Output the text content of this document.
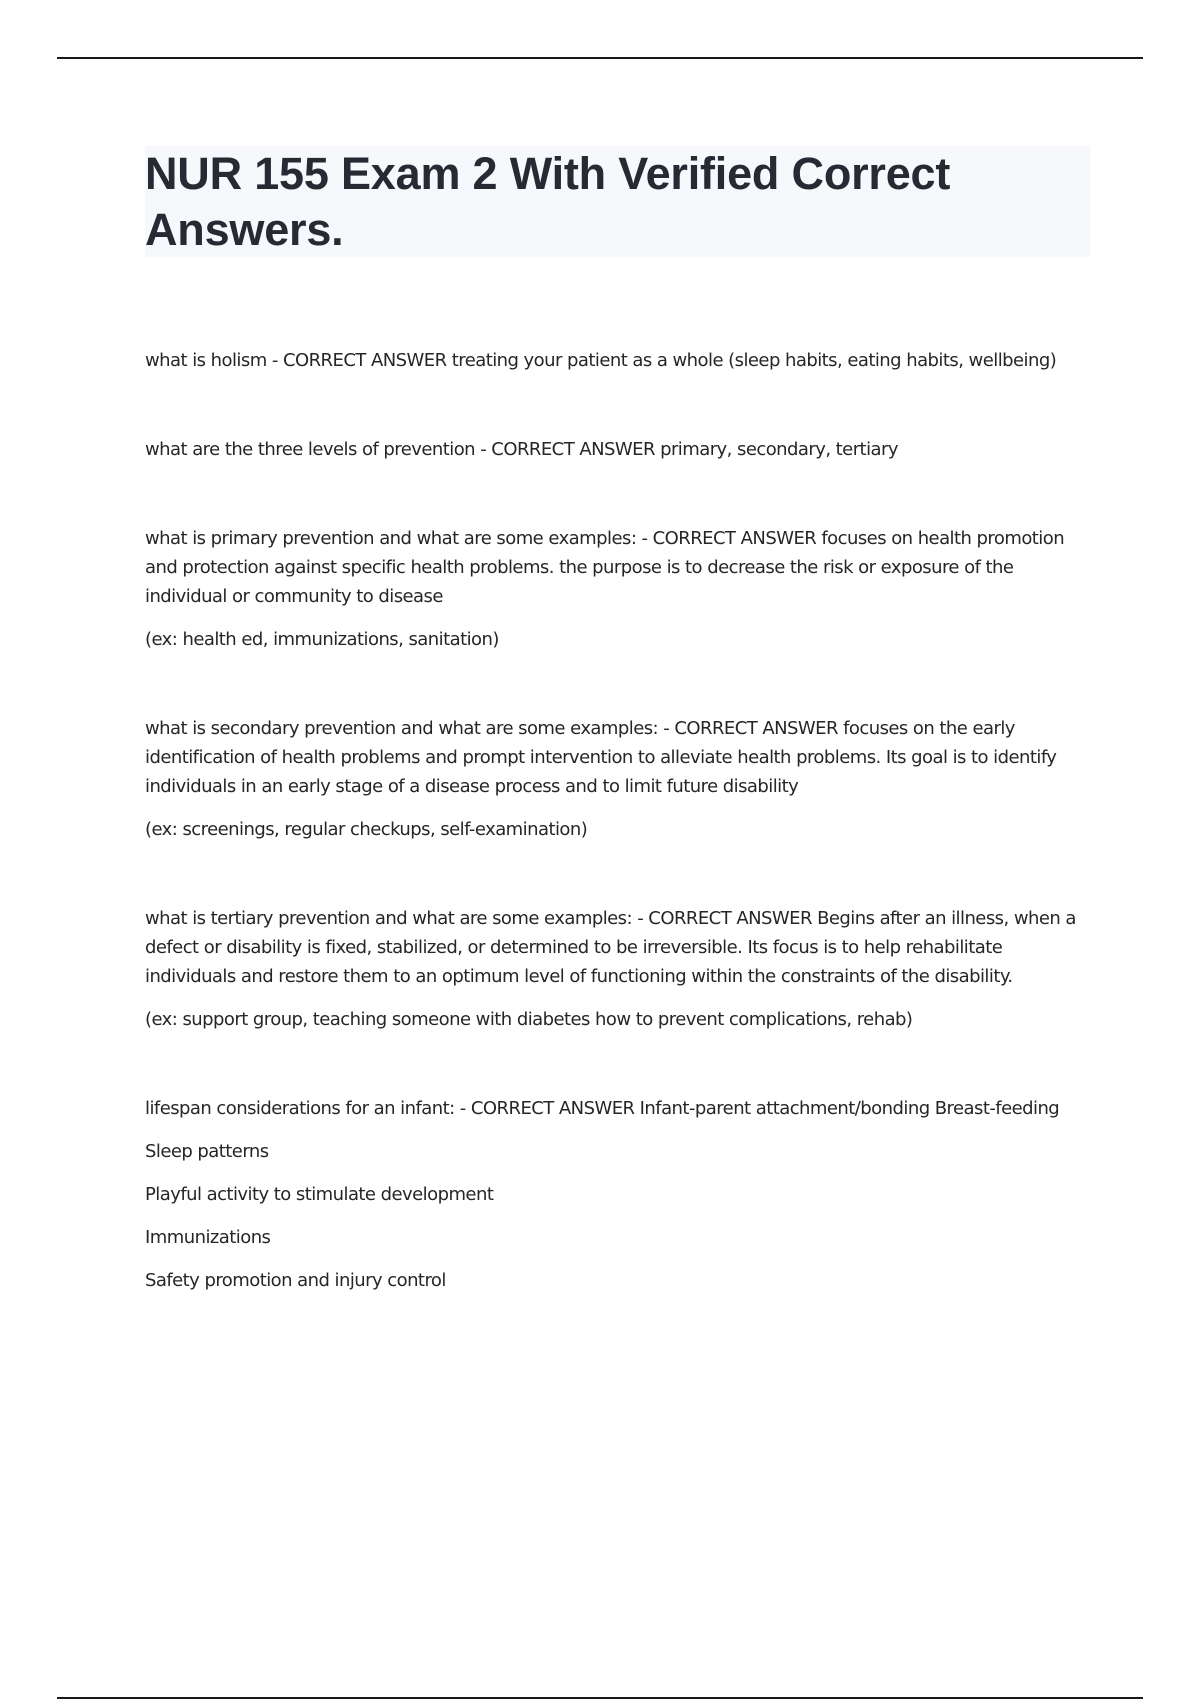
NUR 155 Exam 2 With Verified Correct Answers.

what is holism - CORRECT ANSWER treating your patient as a whole (sleep habits, eating habits, wellbeing)

what are the three levels of prevention - CORRECT ANSWER primary, secondary, tertiary

what is primary prevention and what are some examples: - CORRECT ANSWER focuses on health promotion and protection against specific health problems. the purpose is to decrease the risk or exposure of the individual or community to disease

(ex: health ed, immunizations, sanitation)

what is secondary prevention and what are some examples: - CORRECT ANSWER focuses on the early identification of health problems and prompt intervention to alleviate health problems. Its goal is to identify individuals in an early stage of a disease process and to limit future disability

(ex: screenings, regular checkups, self-examination)

what is tertiary prevention and what are some examples: - CORRECT ANSWER Begins after an illness, when a defect or disability is fixed, stabilized, or determined to be irreversible. Its focus is to help rehabilitate individuals and restore them to an optimum level of functioning within the constraints of the disability.

(ex: support group, teaching someone with diabetes how to prevent complications, rehab)

lifespan considerations for an infant: - CORRECT ANSWER Infant-parent attachment/bonding Breast-feeding

Sleep patterns

Playful activity to stimulate development

Immunizations

Safety promotion and injury control
